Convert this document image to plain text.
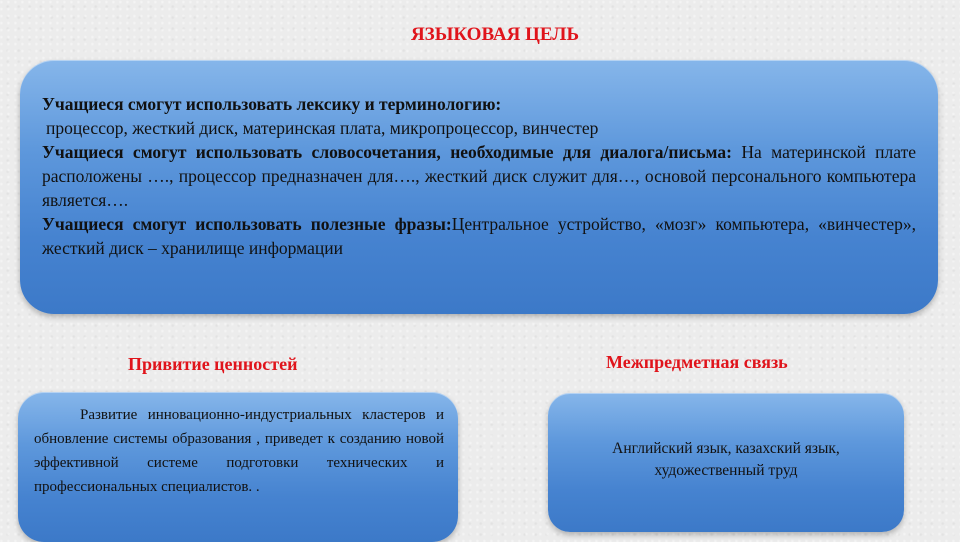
ЯЗЫКОВАЯ ЦЕЛЬ

Учащиеся смогут использовать лексику и терминологию:

процессор, жесткий диск, материнская плата, микропроцессор, винчестер

Учащиеся смогут использовать словосочетания, необходимые для диалога/письма: На материнской плате расположены …., процессор предназначен для…., жесткий диск служит для…, основой персонального компьютера является….

Учащиеся смогут использовать полезные фразы:Центральное устройство, «мозг» компьютера, «винчестер», жесткий диск – хранилище информации

Привитие ценностей	Межпредметная связь
Развитие инновационно-индустриальных кластеров и обновление системы образования , приведет к созданию новой эффективной системе подготовки технических и профессиональных специалистов. .
Английский язык, казахский язык, художественный труд
